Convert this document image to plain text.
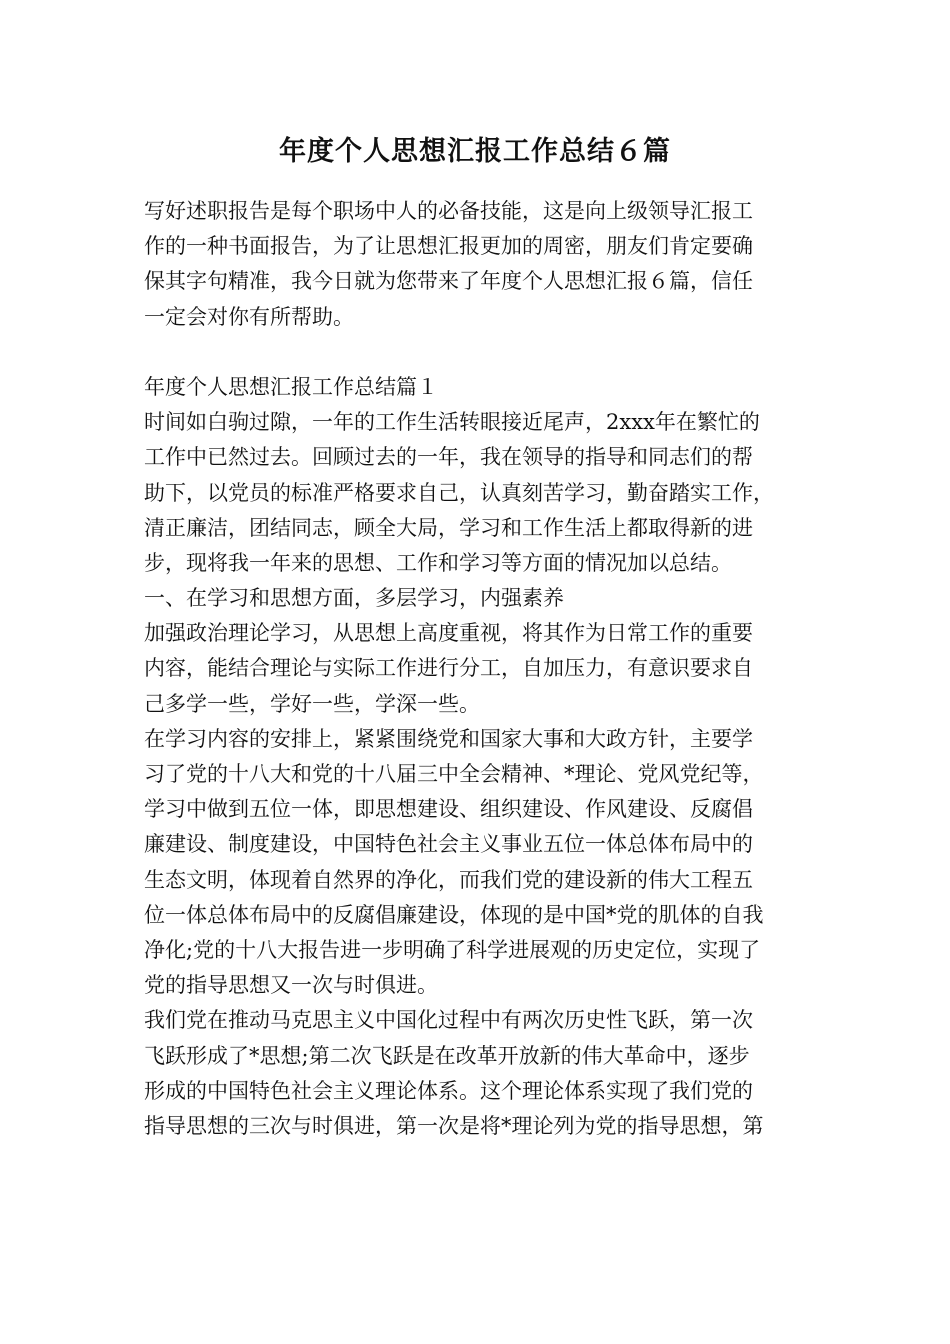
年度个人思想汇报工作总结６篇
写好述职报告是每个职场中人的必备技能，这是向上级领导汇报工
作的一种书面报告，为了让思想汇报更加的周密，朋友们肯定要确
保其字句精准，我今日就为您带来了年度个人思想汇报６篇，信任
一定会对你有所帮助。
年度个人思想汇报工作总结篇１
时间如白驹过隙，一年的工作生活转眼接近尾声，2xxx年在繁忙的
工作中已然过去。回顾过去的一年，我在领导的指导和同志们的帮
助下，以党员的标准严格要求自己，认真刻苦学习，勤奋踏实工作，
清正廉洁，团结同志，顾全大局，学习和工作生活上都取得新的进
步，现将我一年来的思想、工作和学习等方面的情况加以总结。
一、在学习和思想方面，多层学习，内强素养
加强政治理论学习，从思想上高度重视，将其作为日常工作的重要
内容，能结合理论与实际工作进行分工，自加压力，有意识要求自
己多学一些，学好一些，学深一些。
在学习内容的安排上，紧紧围绕党和国家大事和大政方针，主要学
习了党的十八大和党的十八届三中全会精神、*理论、党风党纪等，
学习中做到五位一体，即思想建设、组织建设、作风建设、反腐倡
廉建设、制度建设，中国特色社会主义事业五位一体总体布局中的
生态文明，体现着自然界的净化，而我们党的建设新的伟大工程五
位一体总体布局中的反腐倡廉建设，体现的是中国*党的肌体的自我
净化;党的十八大报告进一步明确了科学进展观的历史定位，实现了
党的指导思想又一次与时俱进。
我们党在推动马克思主义中国化过程中有两次历史性飞跃，第一次
飞跃形成了*思想;第二次飞跃是在改革开放新的伟大革命中，逐步
形成的中国特色社会主义理论体系。这个理论体系实现了我们党的
指导思想的三次与时俱进，第一次是将*理论列为党的指导思想，第
